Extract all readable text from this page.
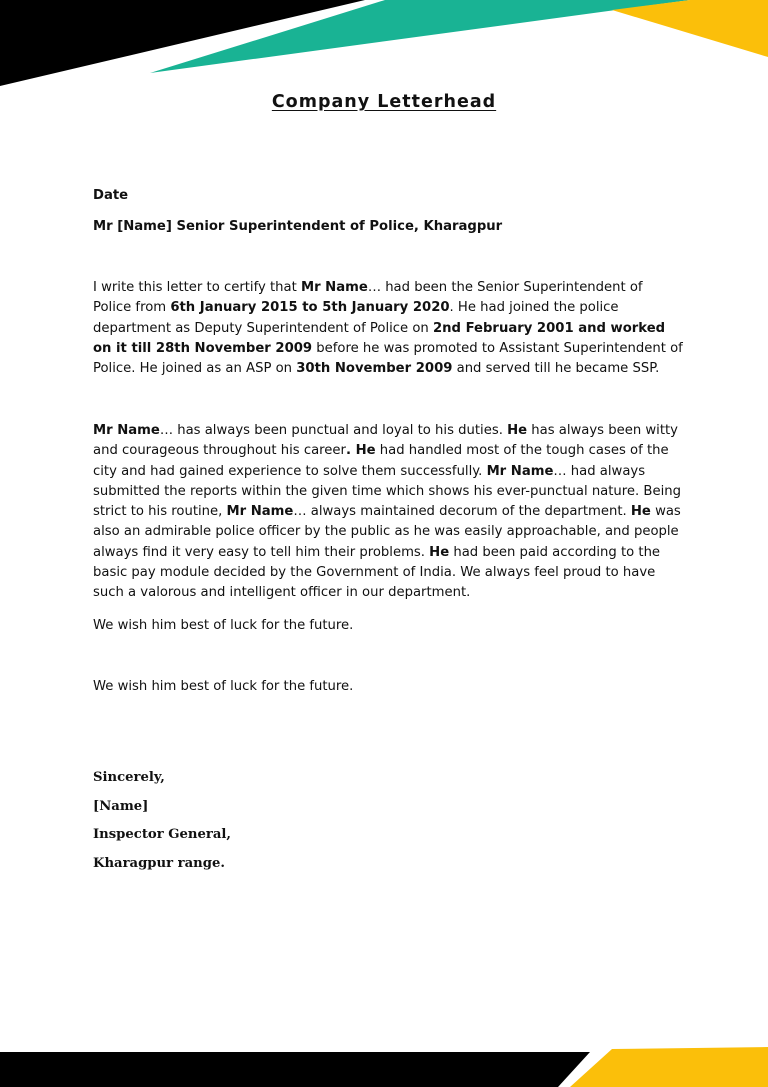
Company Letterhead
Date
Mr [Name] Senior Superintendent of Police, Kharagpur

I write this letter to certify that Mr Name… had been the Senior Superintendent of Police from 6th January 2015 to 5th January 2020. He had joined the police department as Deputy Superintendent of Police on 2nd February 2001 and worked on it till 28th November 2009 before he was promoted to Assistant Superintendent of Police. He joined as an ASP on 30th November 2009 and served till he became SSP.

Mr Name… has always been punctual and loyal to his duties. He has always been witty and courageous throughout his career. He had handled most of the tough cases of the city and had gained experience to solve them successfully. Mr Name… had always submitted the reports within the given time which shows his ever-punctual nature. Being strict to his routine, Mr Name… always maintained decorum of the department. He was also an admirable police officer by the public as he was easily approachable, and people always find it very easy to tell him their problems. He had been paid according to the basic pay module decided by the Government of India. We always feel proud to have such a valorous and intelligent officer in our department.

We wish him best of luck for the future.
We wish him best of luck for the future.
Sincerely,
[Name]
Inspector General,
Kharagpur range.
